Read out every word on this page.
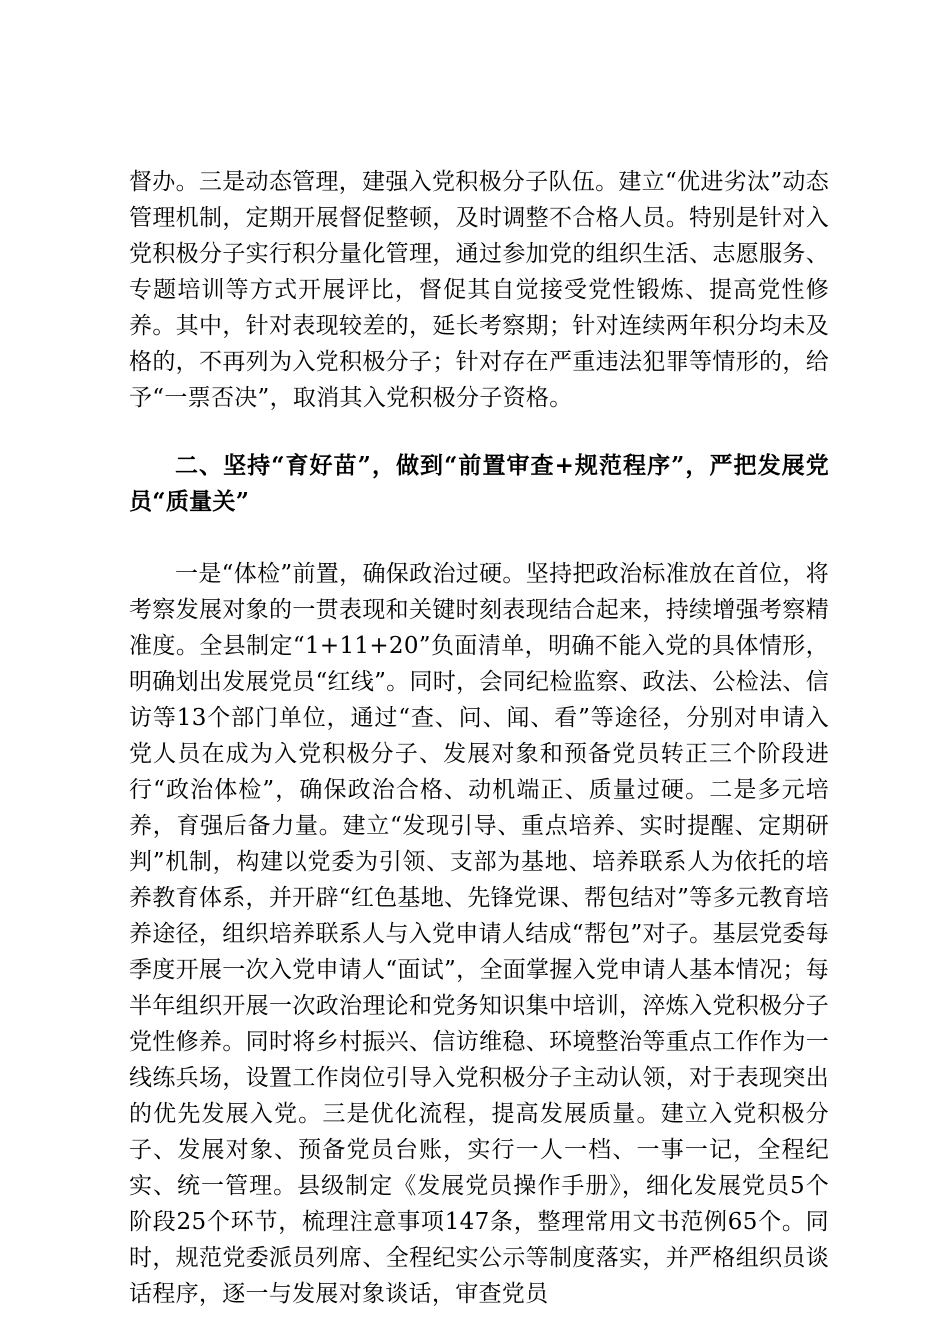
督办。三是动态管理，建强入党积极分子队伍。建立“优进劣汰”动态管理机制，定期开展督促整顿，及时调整不合格人员。特别是针对入党积极分子实行积分量化管理，通过参加党的组织生活、志愿服务、专题培训等方式开展评比，督促其自觉接受党性锻炼、提高党性修养。其中，针对表现较差的，延长考察期；针对连续两年积分均未及格的，不再列为入党积极分子；针对存在严重违法犯罪等情形的，给予“一票否决”，取消其入党积极分子资格。

二、坚持“育好苗”，做到“前置审查+规范程序”，严把发展党员“质量关”

一是“体检”前置，确保政治过硬。坚持把政治标准放在首位，将考察发展对象的一贯表现和关键时刻表现结合起来，持续增强考察精准度。全县制定“1+11+20”负面清单，明确不能入党的具体情形，明确划出发展党员“红线”。同时，会同纪检监察、政法、公检法、信访等13个部门单位，通过“查、问、闻、看”等途径，分别对申请入党人员在成为入党积极分子、发展对象和预备党员转正三个阶段进行“政治体检”，确保政治合格、动机端正、质量过硬。二是多元培养，育强后备力量。建立“发现引导、重点培养、实时提醒、定期研判”机制，构建以党委为引领、支部为基地、培养联系人为依托的培养教育体系，并开辟“红色基地、先锋党课、帮包结对”等多元教育培养途径，组织培养联系人与入党申请人结成“帮包”对子。基层党委每季度开展一次入党申请人“面试”，全面掌握入党申请人基本情况；每半年组织开展一次政治理论和党务知识集中培训，淬炼入党积极分子党性修养。同时将乡村振兴、信访维稳、环境整治等重点工作作为一线练兵场，设置工作岗位引导入党积极分子主动认领，对于表现突出的优先发展入党。三是优化流程，提高发展质量。建立入党积极分子、发展对象、预备党员台账，实行一人一档、一事一记，全程纪实、统一管理。县级制定《发展党员操作手册》，细化发展党员5个阶段25个环节，梳理注意事项147条，整理常用文书范例65个。同时，规范党委派员列席、全程纪实公示等制度落实，并严格组织员谈话程序，逐一与发展对象谈话，审查党员
